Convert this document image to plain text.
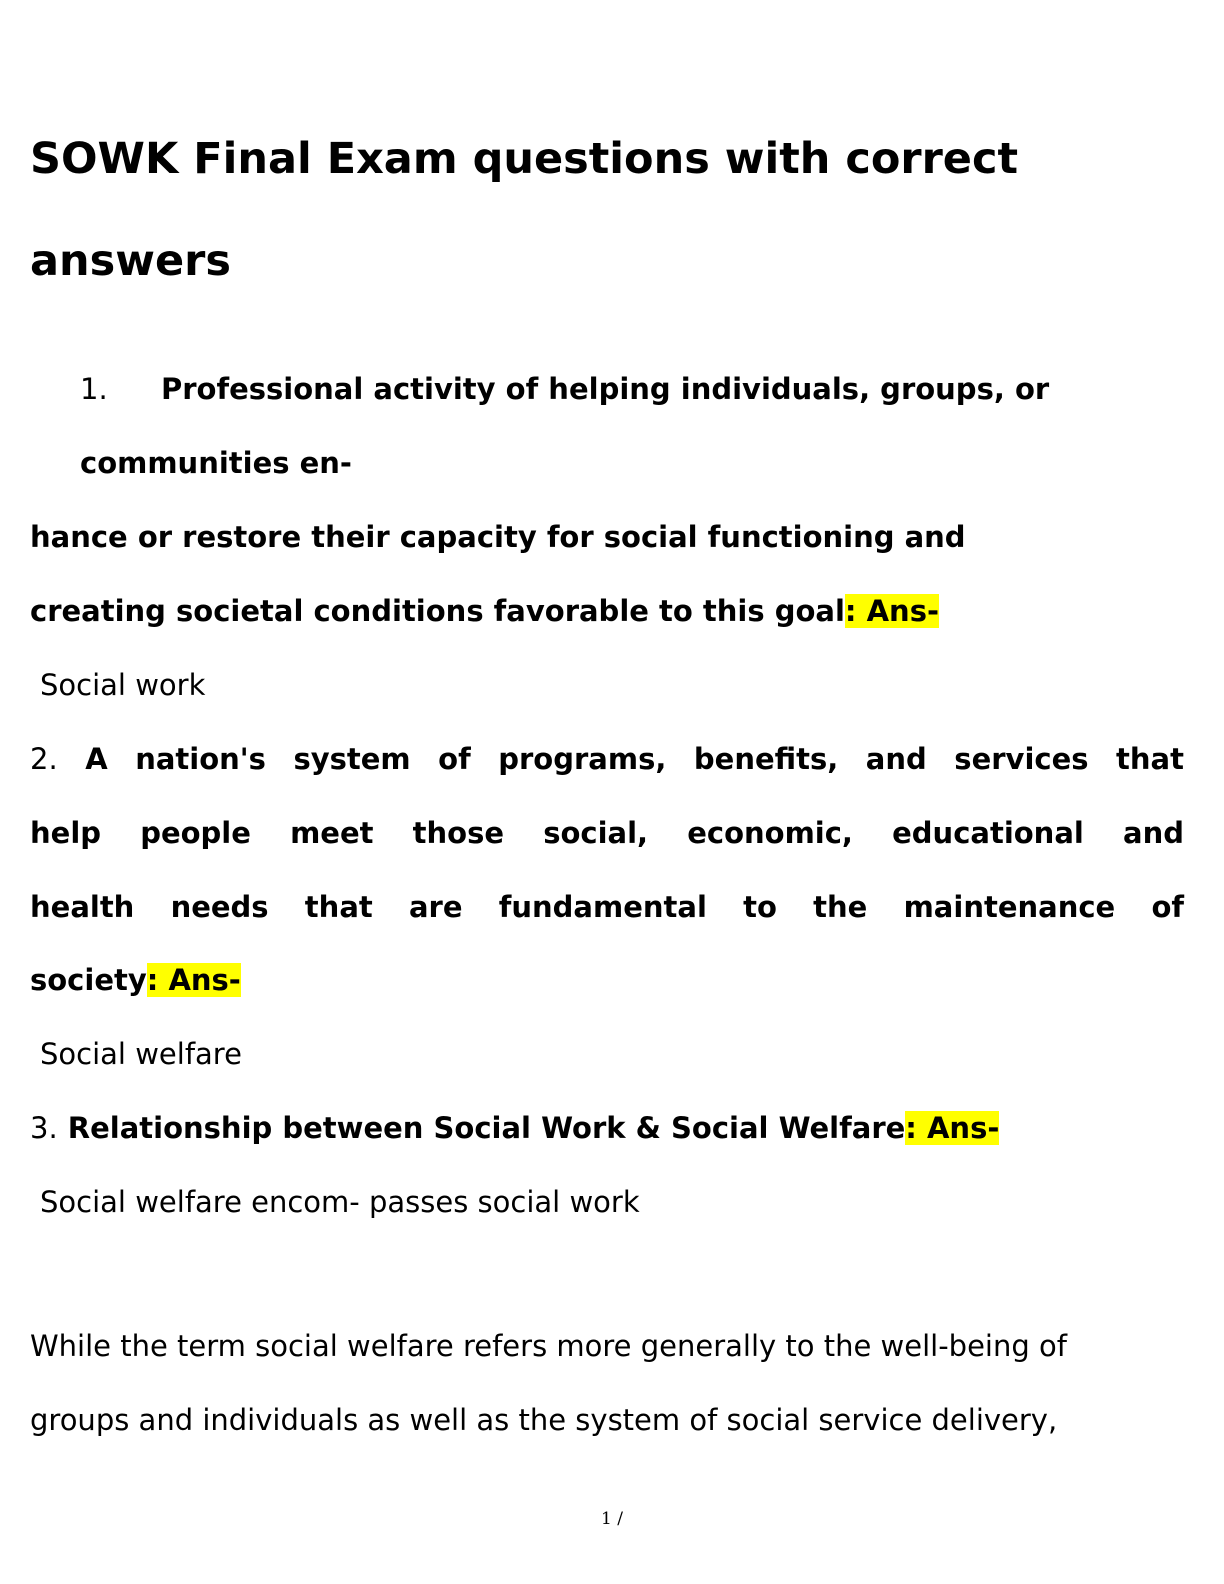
SOWK Final Exam questions with correct answers
1. Professional activity of helping individuals, groups, or
communities en-
hance or restore their capacity for social functioning and
creating societal conditions favorable to this goal: Ans-
Social work
2. A nation's system of programs, benefits, and services that
help people meet those social, economic, educational and
health needs that are fundamental to the maintenance of
society: Ans-
Social welfare
3. Relationship between Social Work & Social Welfare: Ans-
Social welfare encom- passes social work
While the term social welfare refers more generally to the well-being of
groups and individuals as well as the system of social service delivery,
1 /
